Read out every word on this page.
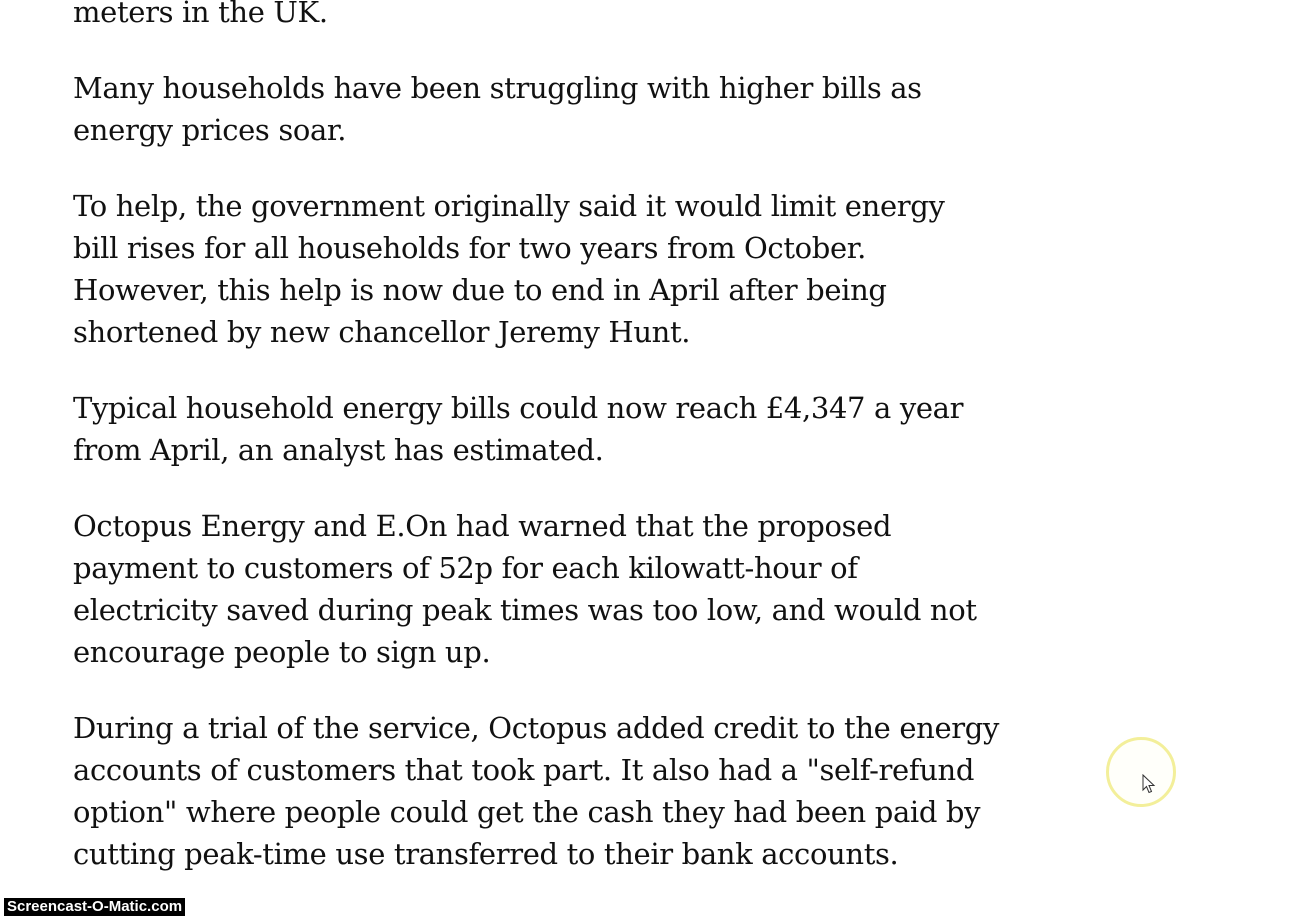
meters in the UK.

Many households have been struggling with higher bills as
energy prices soar.

To help, the government originally said it would limit energy
bill rises for all households for two years from October.
However, this help is now due to end in April after being
shortened by new chancellor Jeremy Hunt.

Typical household energy bills could now reach £4,347 a year
from April, an analyst has estimated.

Octopus Energy and E.On had warned that the proposed
payment to customers of 52p for each kilowatt-hour of
electricity saved during peak times was too low, and would not
encourage people to sign up.

During a trial of the service, Octopus added credit to the energy
accounts of customers that took part. It also had a "self-refund
option" where people could get the cash they had been paid by
cutting peak-time use transferred to their bank accounts.

Screencast-O-Matic.com
